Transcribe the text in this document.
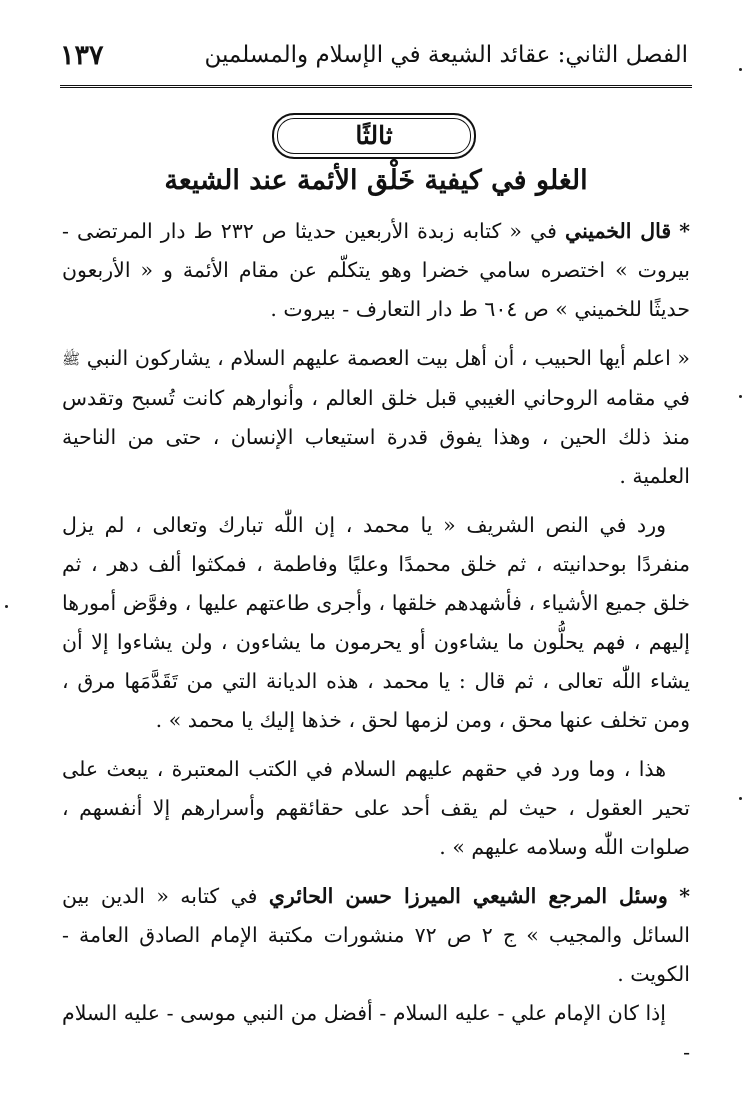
الفصل الثاني: عقائد الشيعة في الإسلام والمسلمين
١٣٧
ثالثًا
الغلو في كيفية خَلْق الأئمة عند الشيعة

* قال الخميني في « كتابه زبدة الأربعين حديثا ص ٢٣٢ ط دار المرتضى - بيروت » اختصره سامي خضرا وهو يتكلّم عن مقام الأئمة و « الأربعون حديثًا للخميني » ص ٦٠٤ ط دار التعارف - بيروت .

« اعلم أيها الحبيب ، أن أهل بيت العصمة عليهم السلام ، يشاركون النبي ﷺ في مقامه الروحاني الغيبي قبل خلق العالم ، وأنوارهم كانت تُسبح وتقدس منذ ذلك الحين ، وهذا يفوق قدرة استيعاب الإنسان ، حتى من الناحية العلمية .

ورد في النص الشريف « يا محمد ، إن اللّٰه تبارك وتعالى ، لم يزل منفردًا بوحدانيته ، ثم خلق محمدًا وعليًا وفاطمة ، فمكثوا ألف دهر ، ثم خلق جميع الأشياء ، فأشهدهم خلقها ، وأجرى طاعتهم عليها ، وفوَّض أمورها إليهم ، فهم يحلُّون ما يشاءون أو يحرمون ما يشاءون ، ولن يشاءوا إلا أن يشاء اللّٰه تعالى ، ثم قال : يا محمد ، هذه الديانة التي من تَقَدَّمَها مرق ، ومن تخلف عنها محق ، ومن لزمها لحق ، خذها إليك يا محمد » .

هذا ، وما ورد في حقهم عليهم السلام في الكتب المعتبرة ، يبعث على تحير العقول ، حيث لم يقف أحد على حقائقهم وأسرارهم إلا أنفسهم ، صلوات اللّٰه وسلامه عليهم » .

* وسئل المرجع الشيعي الميرزا حسن الحائري في كتابه « الدين بين السائل والمجيب » ج ٢ ص ٧٢ منشورات مكتبة الإمام الصادق العامة - الكويت .

إذا كان الإمام علي - عليه السلام - أفضل من النبي موسى - عليه السلام -
